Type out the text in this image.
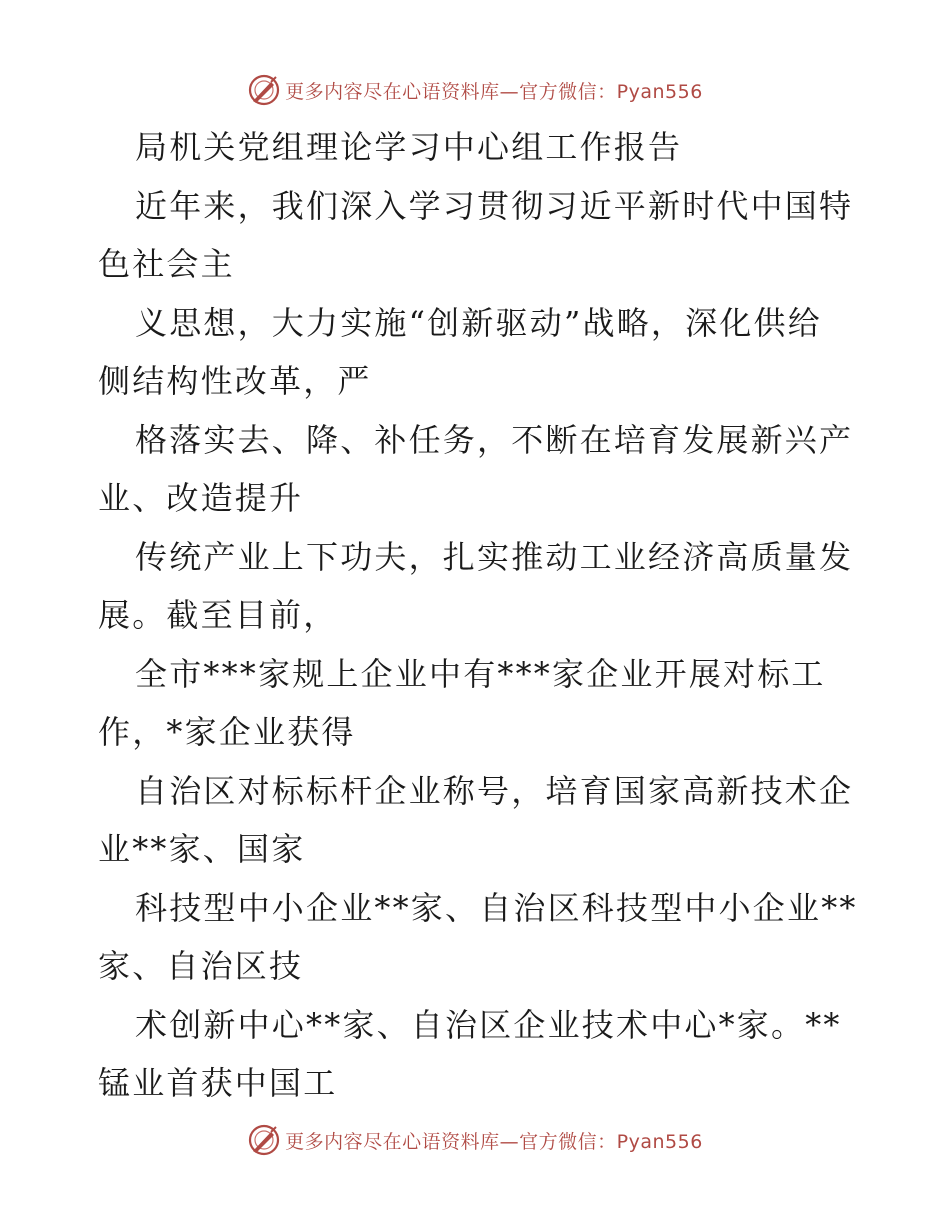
更多内容尽在心语资料库—官方微信：Pyan556

局机关党组理论学习中心组工作报告

近年来，我们深入学习贯彻习近平新时代中国特

色社会主

义思想，大力实施“创新驱动”战略，深化供给

侧结构性改革，严

格落实去、降、补任务，不断在培育发展新兴产

业、改造提升

传统产业上下功夫，扎实推动工业经济高质量发

展。截至目前，

全市***家规上企业中有***家企业开展对标工

作，*家企业获得

自治区对标标杆企业称号，培育国家高新技术企

业**家、国家

科技型中小企业**家、自治区科技型中小企业**

家、自治区技

术创新中心**家、自治区企业技术中心*家。**

锰业首获中国工

更多内容尽在心语资料库—官方微信：Pyan556
